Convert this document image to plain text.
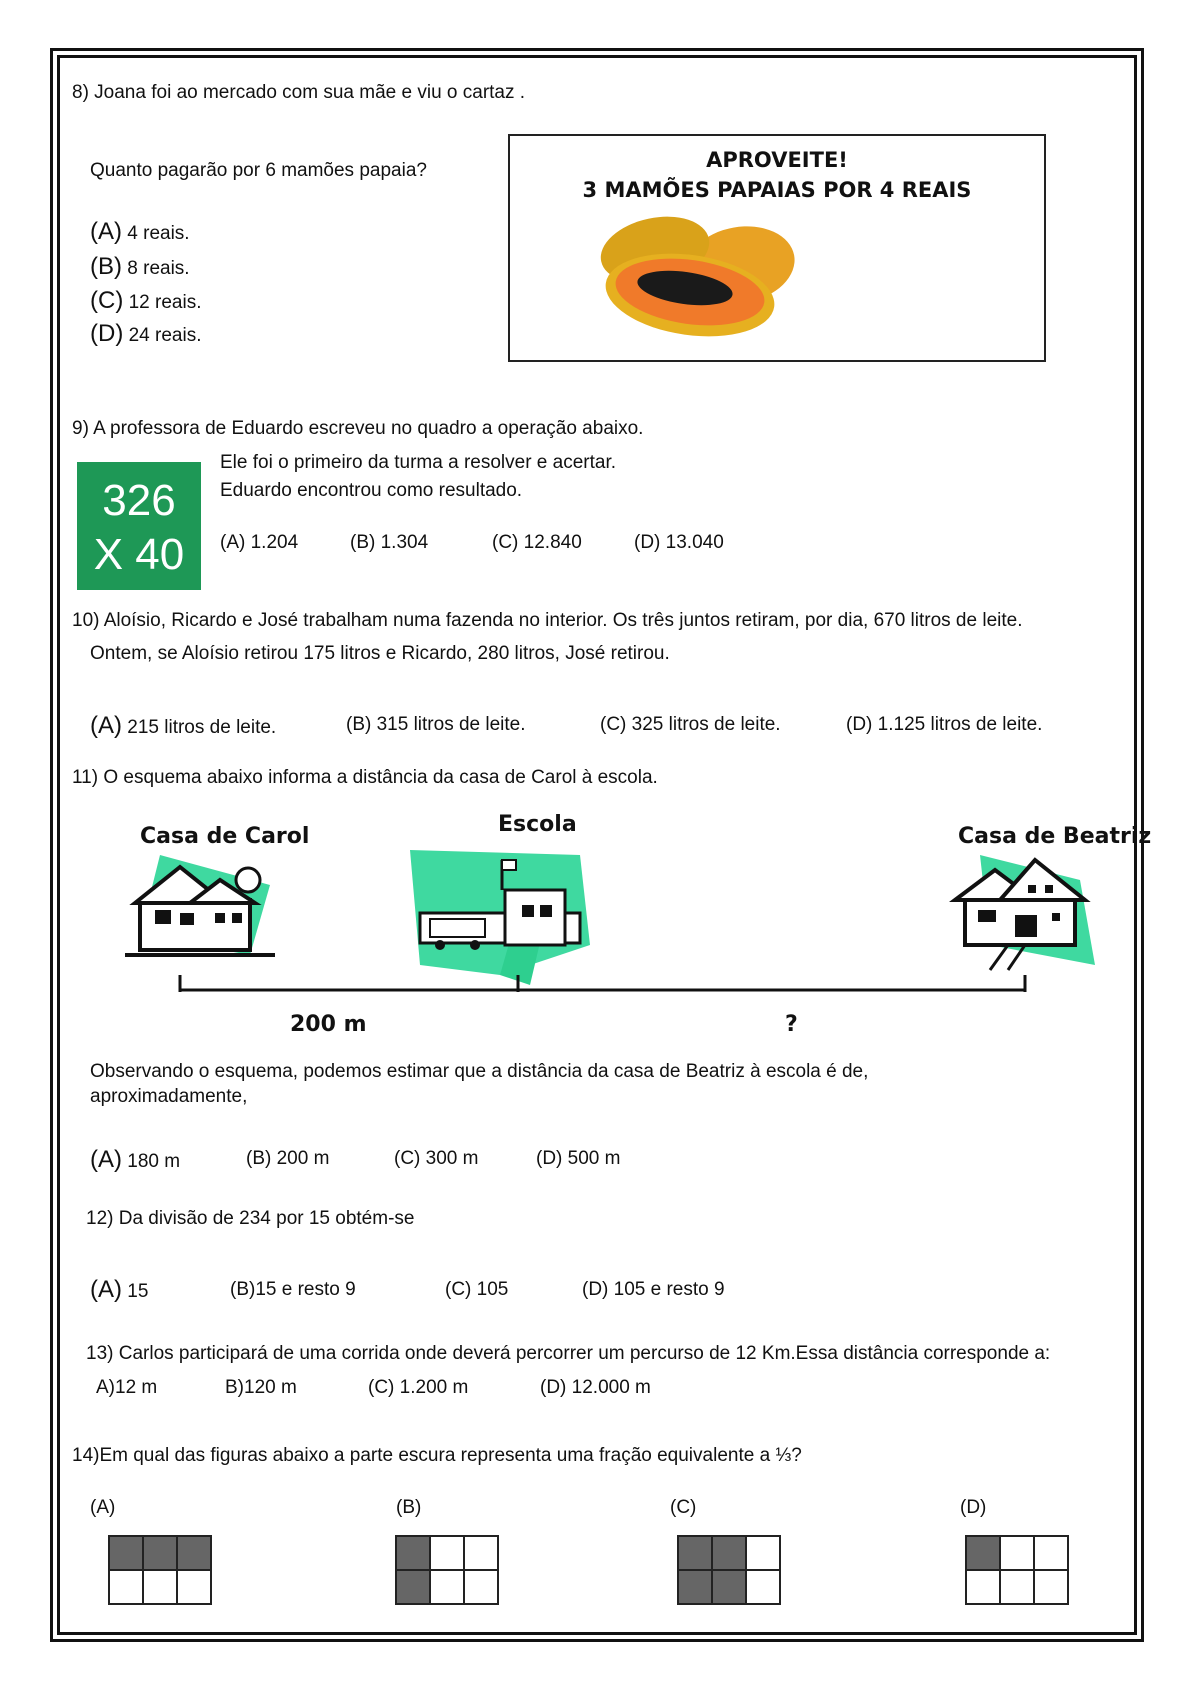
8) Joana foi ao mercado com sua mãe e viu o cartaz .
Quanto pagarão por 6 mamões papaia?
(A) 4 reais.
(B) 8 reais.
(C) 12 reais.
(D) 24 reais.
APROVEITE!
3 MAMÕES PAPAIAS POR 4 REAIS
9) A professora de Eduardo escreveu no quadro a operação abaixo.
326
X 40
Ele foi o primeiro da turma a resolver e acertar.
Eduardo encontrou como resultado.
(A) 1.204	(B) 1.304	(C) 12.840	(D) 13.040
10) Aloísio, Ricardo e José trabalham numa fazenda no interior. Os três juntos retiram, por dia, 670 litros de leite.
Ontem, se Aloísio retirou 175 litros e Ricardo, 280 litros, José retirou.
(A) 215 litros de leite.	(B) 315 litros de leite.	(C) 325 litros de leite.	(D) 1.125 litros de leite.
11) O esquema abaixo informa a distância da casa de Carol à escola.
Casa de Carol	Escola	Casa de Beatriz
200 m	?
Observando o esquema, podemos estimar que a distância da casa de Beatriz à escola é de,
aproximadamente,
(A) 180 m	(B) 200 m	(C) 300 m	(D) 500 m
12) Da divisão de 234 por 15 obtém-se
(A) 15	(B)15 e resto 9	(C) 105	(D) 105 e resto 9
13) Carlos participará de uma corrida onde deverá percorrer um percurso de 12 Km.Essa distância corresponde a:
A)12 m	B)120 m	(C) 1.200 m	(D) 12.000 m
14)Em qual das figuras abaixo a parte escura representa uma fração equivalente a ⅓?
(A)	(B)	(C)	(D)
